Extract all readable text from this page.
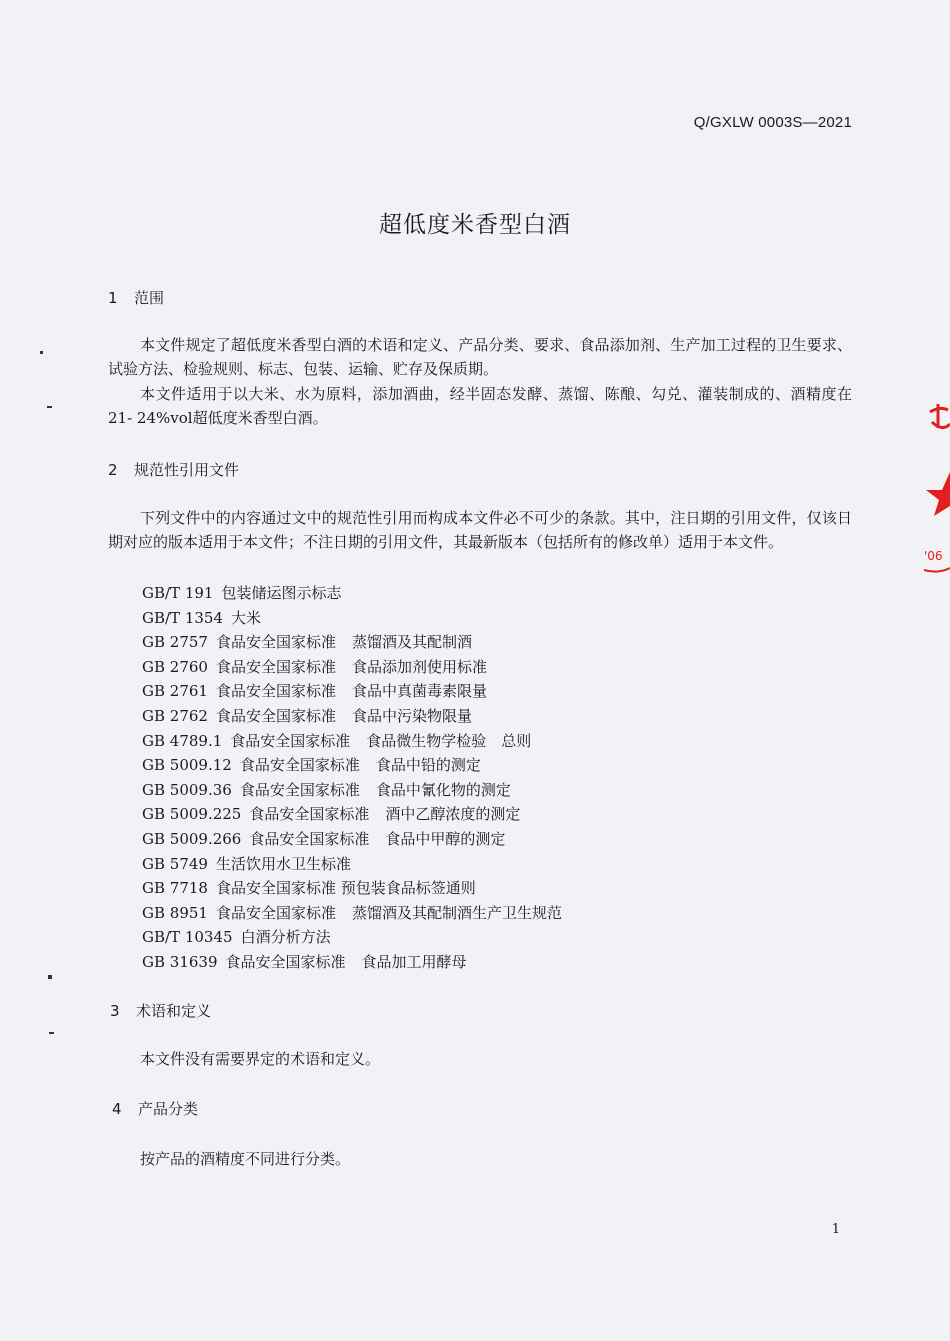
Q/GXLW 0003S—2021
超低度米香型白酒
1 范围

本文件规定了超低度米香型白酒的术语和定义、产品分类、要求、食品添加剂、生产加工过程的卫生要求、试验方法、检验规则、标志、包装、运输、贮存及保质期。

本文件适用于以大米、水为原料，添加酒曲，经半固态发酵、蒸馏、陈酿、勾兑、灌装制成的、酒精度在21- 24%vol超低度米香型白酒。

2 规范性引用文件

下列文件中的内容通过文中的规范性引用而构成本文件必不可少的条款。其中，注日期的引用文件，仅该日期对应的版本适用于本文件；不注日期的引用文件，其最新版本（包括所有的修改单）适用于本文件。

GB/T 191 包装储运图示标志
GB/T 1354 大米
GB 2757 食品安全国家标准 蒸馏酒及其配制酒
GB 2760 食品安全国家标准 食品添加剂使用标准
GB 2761 食品安全国家标准 食品中真菌毒素限量
GB 2762 食品安全国家标准 食品中污染物限量
GB 4789.1 食品安全国家标准 食品微生物学检验　总则
GB 5009.12 食品安全国家标准 食品中铅的测定
GB 5009.36 食品安全国家标准 食品中氰化物的测定
GB 5009.225 食品安全国家标准 酒中乙醇浓度的测定
GB 5009.266 食品安全国家标准 食品中甲醇的测定
GB 5749 生活饮用水卫生标准
GB 7718 食品安全国家标准 预包装食品标签通则
GB 8951 食品安全国家标准 蒸馏酒及其配制酒生产卫生规范
GB/T 10345 白酒分析方法
GB 31639 食品安全国家标准 食品加工用酵母
3 术语和定义

本文件没有需要界定的术语和定义。

4 产品分类

按产品的酒精度不同进行分类。

1
'06
